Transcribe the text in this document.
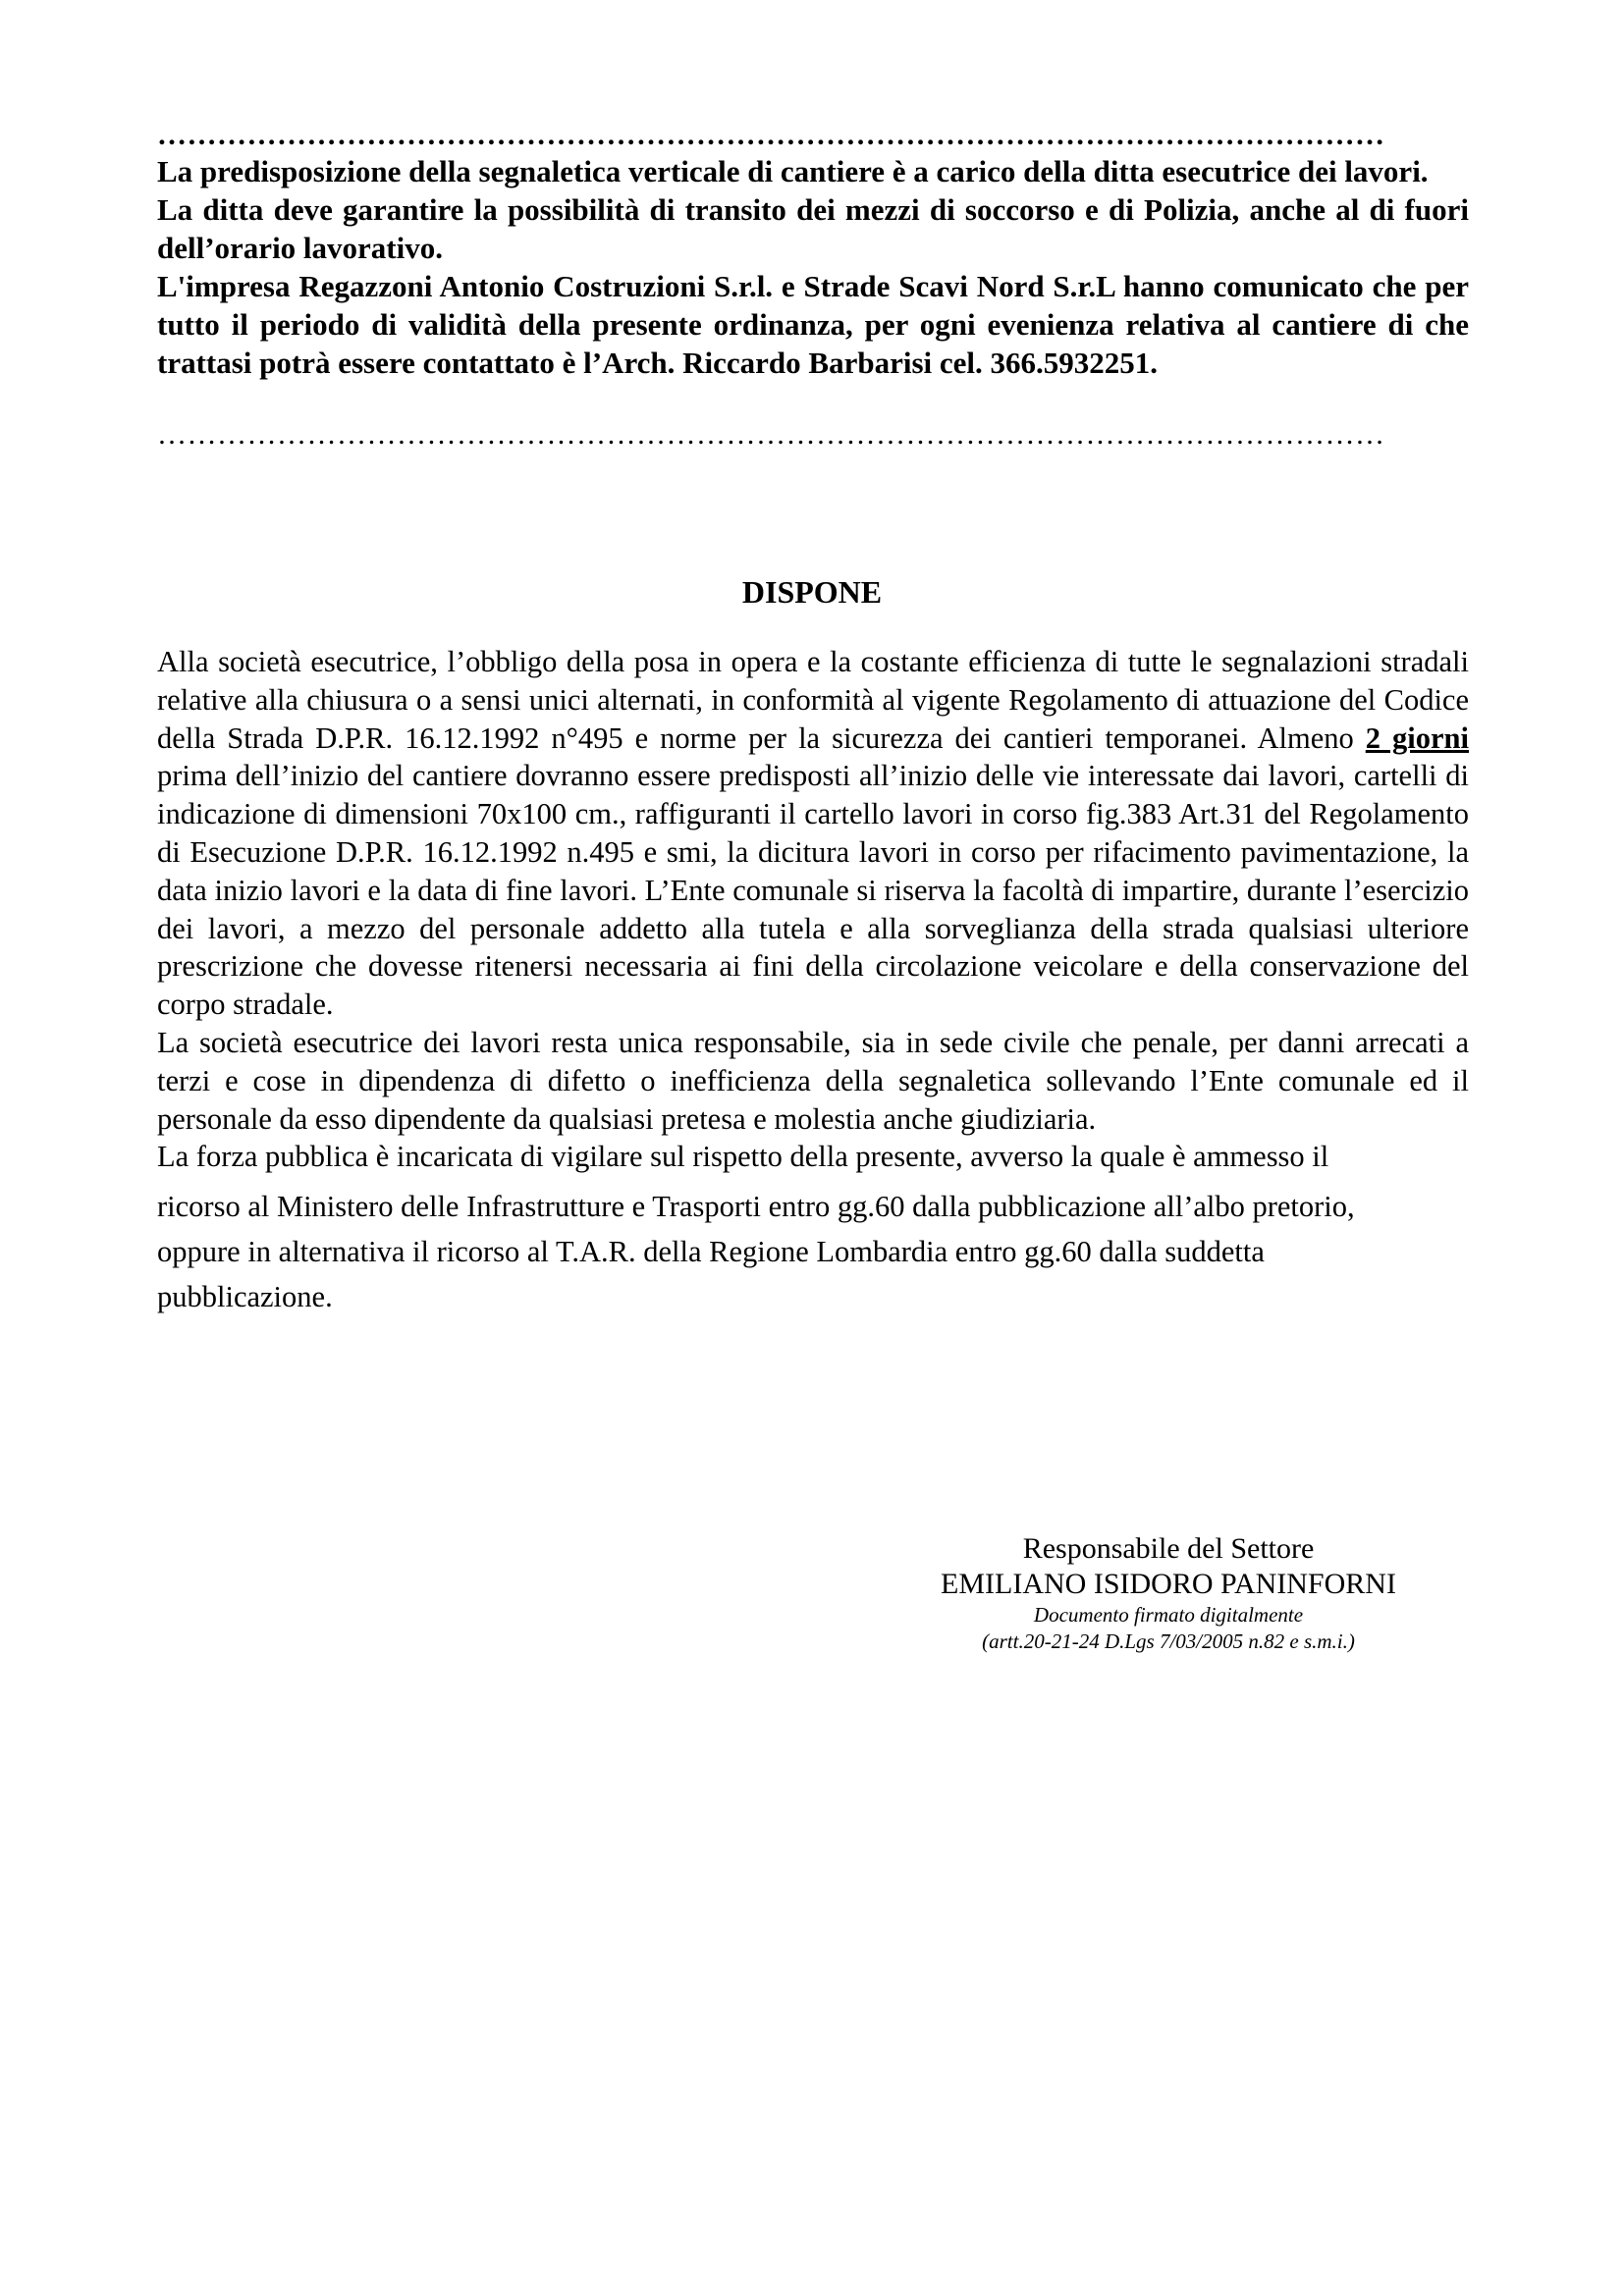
……………………………………………………………………………………………………………

La predisposizione della segnaletica verticale di cantiere è a carico della ditta esecutrice dei lavori.

La ditta deve garantire la possibilità di transito dei mezzi di soccorso e di Polizia, anche al di fuori dell’orario lavorativo.

L'impresa Regazzoni Antonio Costruzioni S.r.l. e Strade Scavi Nord S.r.L hanno comunicato che per tutto il periodo di validità della presente ordinanza, per ogni evenienza relativa al cantiere di che trattasi potrà essere contattato è l’Arch. Riccardo Barbarisi cel. 366.5932251.

……………………………………………………………………………………………………………
DISPONE

Alla società esecutrice, l’obbligo della posa in opera e la costante efficienza di tutte le segnalazioni stradali relative alla chiusura o a sensi unici alternati, in conformità al vigente Regolamento di attuazione del Codice della Strada D.P.R. 16.12.1992 n°495 e norme per la sicurezza dei cantieri temporanei. Almeno 2 giorni prima dell’inizio del cantiere dovranno essere predisposti all’inizio delle vie interessate dai lavori, cartelli di indicazione di dimensioni 70x100 cm., raffiguranti il cartello lavori in corso fig.383 Art.31 del Regolamento di Esecuzione D.P.R. 16.12.1992 n.495 e smi, la dicitura lavori in corso per rifacimento pavimentazione, la data inizio lavori e la data di fine lavori. L’Ente comunale si riserva la facoltà di impartire, durante l’esercizio dei lavori, a mezzo del personale addetto alla tutela e alla sorveglianza della strada qualsiasi ulteriore prescrizione che dovesse ritenersi necessaria ai fini della circolazione veicolare e della conservazione del corpo stradale.

La società esecutrice dei lavori resta unica responsabile, sia in sede civile che penale, per danni arrecati a terzi e cose in dipendenza di difetto o inefficienza della segnaletica sollevando l’Ente comunale ed il personale da esso dipendente da qualsiasi pretesa e molestia anche giudiziaria.

La forza pubblica è incaricata di vigilare sul rispetto della presente, avverso la quale è ammesso il
ricorso al Ministero delle Infrastrutture e Trasporti entro gg.60 dalla pubblicazione all’albo pretorio,
oppure in alternativa il ricorso al T.A.R. della Regione Lombardia entro gg.60 dalla suddetta
pubblicazione.
Responsabile del Settore
EMILIANO ISIDORO PANINFORNI
Documento firmato digitalmente
(artt.20-21-24 D.Lgs 7/03/2005 n.82 e s.m.i.)
